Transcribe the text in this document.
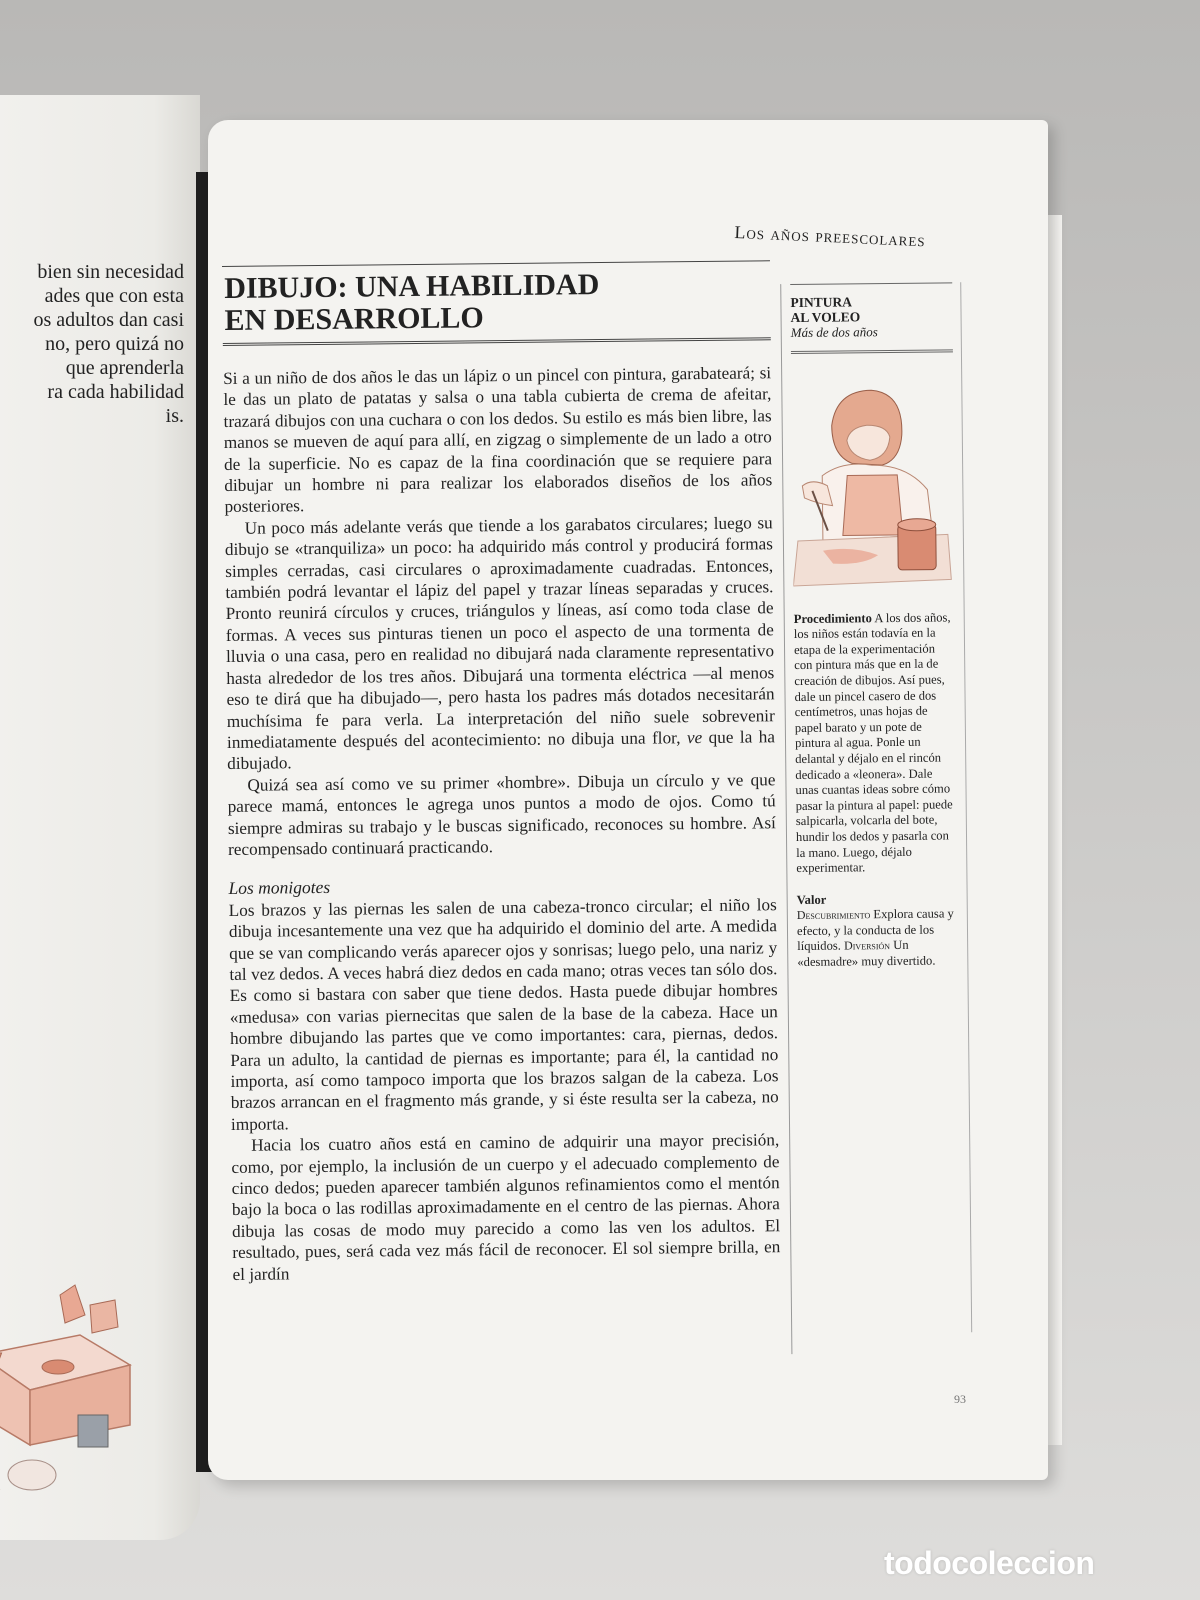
bien sin necesidad
ades que con esta
os adultos dan casi
no, pero quizá no
que aprenderla
ra cada habilidad
is.
Los años preescolares
DIBUJO: UNA HABILIDAD
EN DESARROLLO

Si a un niño de dos años le das un lápiz o un pincel con pintura, garabateará; si le das un plato de patatas y salsa o una tabla cubierta de crema de afeitar, trazará dibujos con una cuchara o con los dedos. Su estilo es más bien libre, las manos se mueven de aquí para allí, en zigzag o simplemente de un lado a otro de la superficie. No es capaz de la fina coordinación que se requiere para dibujar un hombre ni para realizar los elaborados diseños de los años posteriores.

Un poco más adelante verás que tiende a los garabatos circulares; luego su dibujo se «tranquiliza» un poco: ha adquirido más control y producirá formas simples cerradas, casi circulares o aproximadamente cuadradas. Entonces, también podrá levantar el lápiz del papel y trazar líneas separadas y cruces. Pronto reunirá círculos y cruces, triángulos y líneas, así como toda clase de formas. A veces sus pinturas tienen un poco el aspecto de una tormenta de lluvia o una casa, pero en realidad no dibujará nada claramente representativo hasta alrededor de los tres años. Dibujará una tormenta eléctrica —al menos eso te dirá que ha dibujado—, pero hasta los padres más dotados necesitarán muchísima fe para verla. La interpretación del niño suele sobrevenir inmediatamente después del acontecimiento: no dibuja una flor, ve que la ha dibujado.

Quizá sea así como ve su primer «hombre». Dibuja un círculo y ve que parece mamá, entonces le agrega unos puntos a modo de ojos. Como tú siempre admiras su trabajo y le buscas significado, reconoces su hombre. Así recompensado continuará practicando.

Los monigotes

Los brazos y las piernas les salen de una cabeza-tronco circular; el niño los dibuja incesantemente una vez que ha adquirido el dominio del arte. A medida que se van complicando verás aparecer ojos y sonrisas; luego pelo, una nariz y tal vez dedos. A veces habrá diez dedos en cada mano; otras veces tan sólo dos. Es como si bastara con saber que tiene dedos. Hasta puede dibujar hombres «medusa» con varias piernecitas que salen de la base de la cabeza. Hace un hombre dibujando las partes que ve como importantes: cara, piernas, dedos. Para un adulto, la cantidad de piernas es importante; para él, la cantidad no importa, así como tampoco importa que los brazos salgan de la cabeza. Los brazos arrancan en el fragmento más grande, y si éste resulta ser la cabeza, no importa.

Hacia los cuatro años está en camino de adquirir una mayor precisión, como, por ejemplo, la inclusión de un cuerpo y el adecuado complemento de cinco dedos; pueden aparecer también algunos refinamientos como el mentón bajo la boca o las rodillas aproximadamente en el centro de las piernas. Ahora dibuja las cosas de modo muy parecido a como las ven los adultos. El resultado, pues, será cada vez más fácil de reconocer. El sol siempre brilla, en el jardín

PINTURA
AL VOLEO
Más de dos años
Procedimiento A los dos años, los niños están todavía en la etapa de la experimentación con pintura más que en la de creación de dibujos. Así pues, dale un pincel casero de dos centímetros, unas hojas de papel barato y un pote de pintura al agua. Ponle un delantal y déjalo en el rincón dedicado a «leonera». Dale unas cuantas ideas sobre cómo pasar la pintura al papel: puede salpicarla, volcarla del bote, hundir los dedos y pasarla con la mano. Luego, déjalo experimentar.
Valor
Descubrimiento Explora causa y efecto, y la conducta de los líquidos. Diversión Un «desmadre» muy divertido.
93
todocoleccion
